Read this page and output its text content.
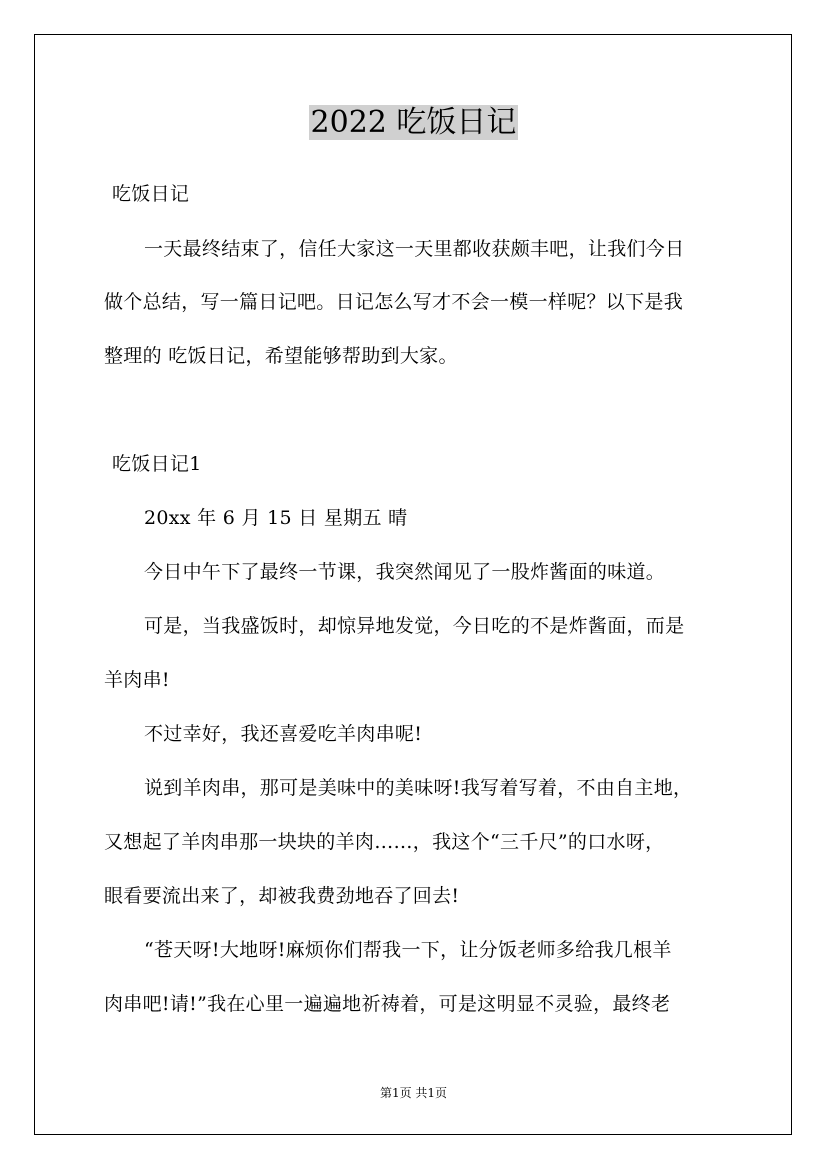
2022 吃饭日记
吃饭日记
一天最终结束了，信任大家这一天里都收获颇丰吧，让我们今日
做个总结，写一篇日记吧。日记怎么写才不会一模一样呢？以下是我
整理的 吃饭日记，希望能够帮助到大家。
吃饭日记1
20xx 年 6 月 15 日 星期五 晴
今日中午下了最终一节课，我突然闻见了一股炸酱面的味道。
可是，当我盛饭时，却惊异地发觉，今日吃的不是炸酱面，而是
羊肉串!
不过幸好，我还喜爱吃羊肉串呢!
说到羊肉串，那可是美味中的美味呀!我写着写着，不由自主地，
又想起了羊肉串那一块块的羊肉……，我这个“三千尺”的口水呀，
眼看要流出来了，却被我费劲地吞了回去!
“苍天呀!大地呀!麻烦你们帮我一下，让分饭老师多给我几根羊
肉串吧!请!”我在心里一遍遍地祈祷着，可是这明显不灵验，最终老
第1页 共1页
